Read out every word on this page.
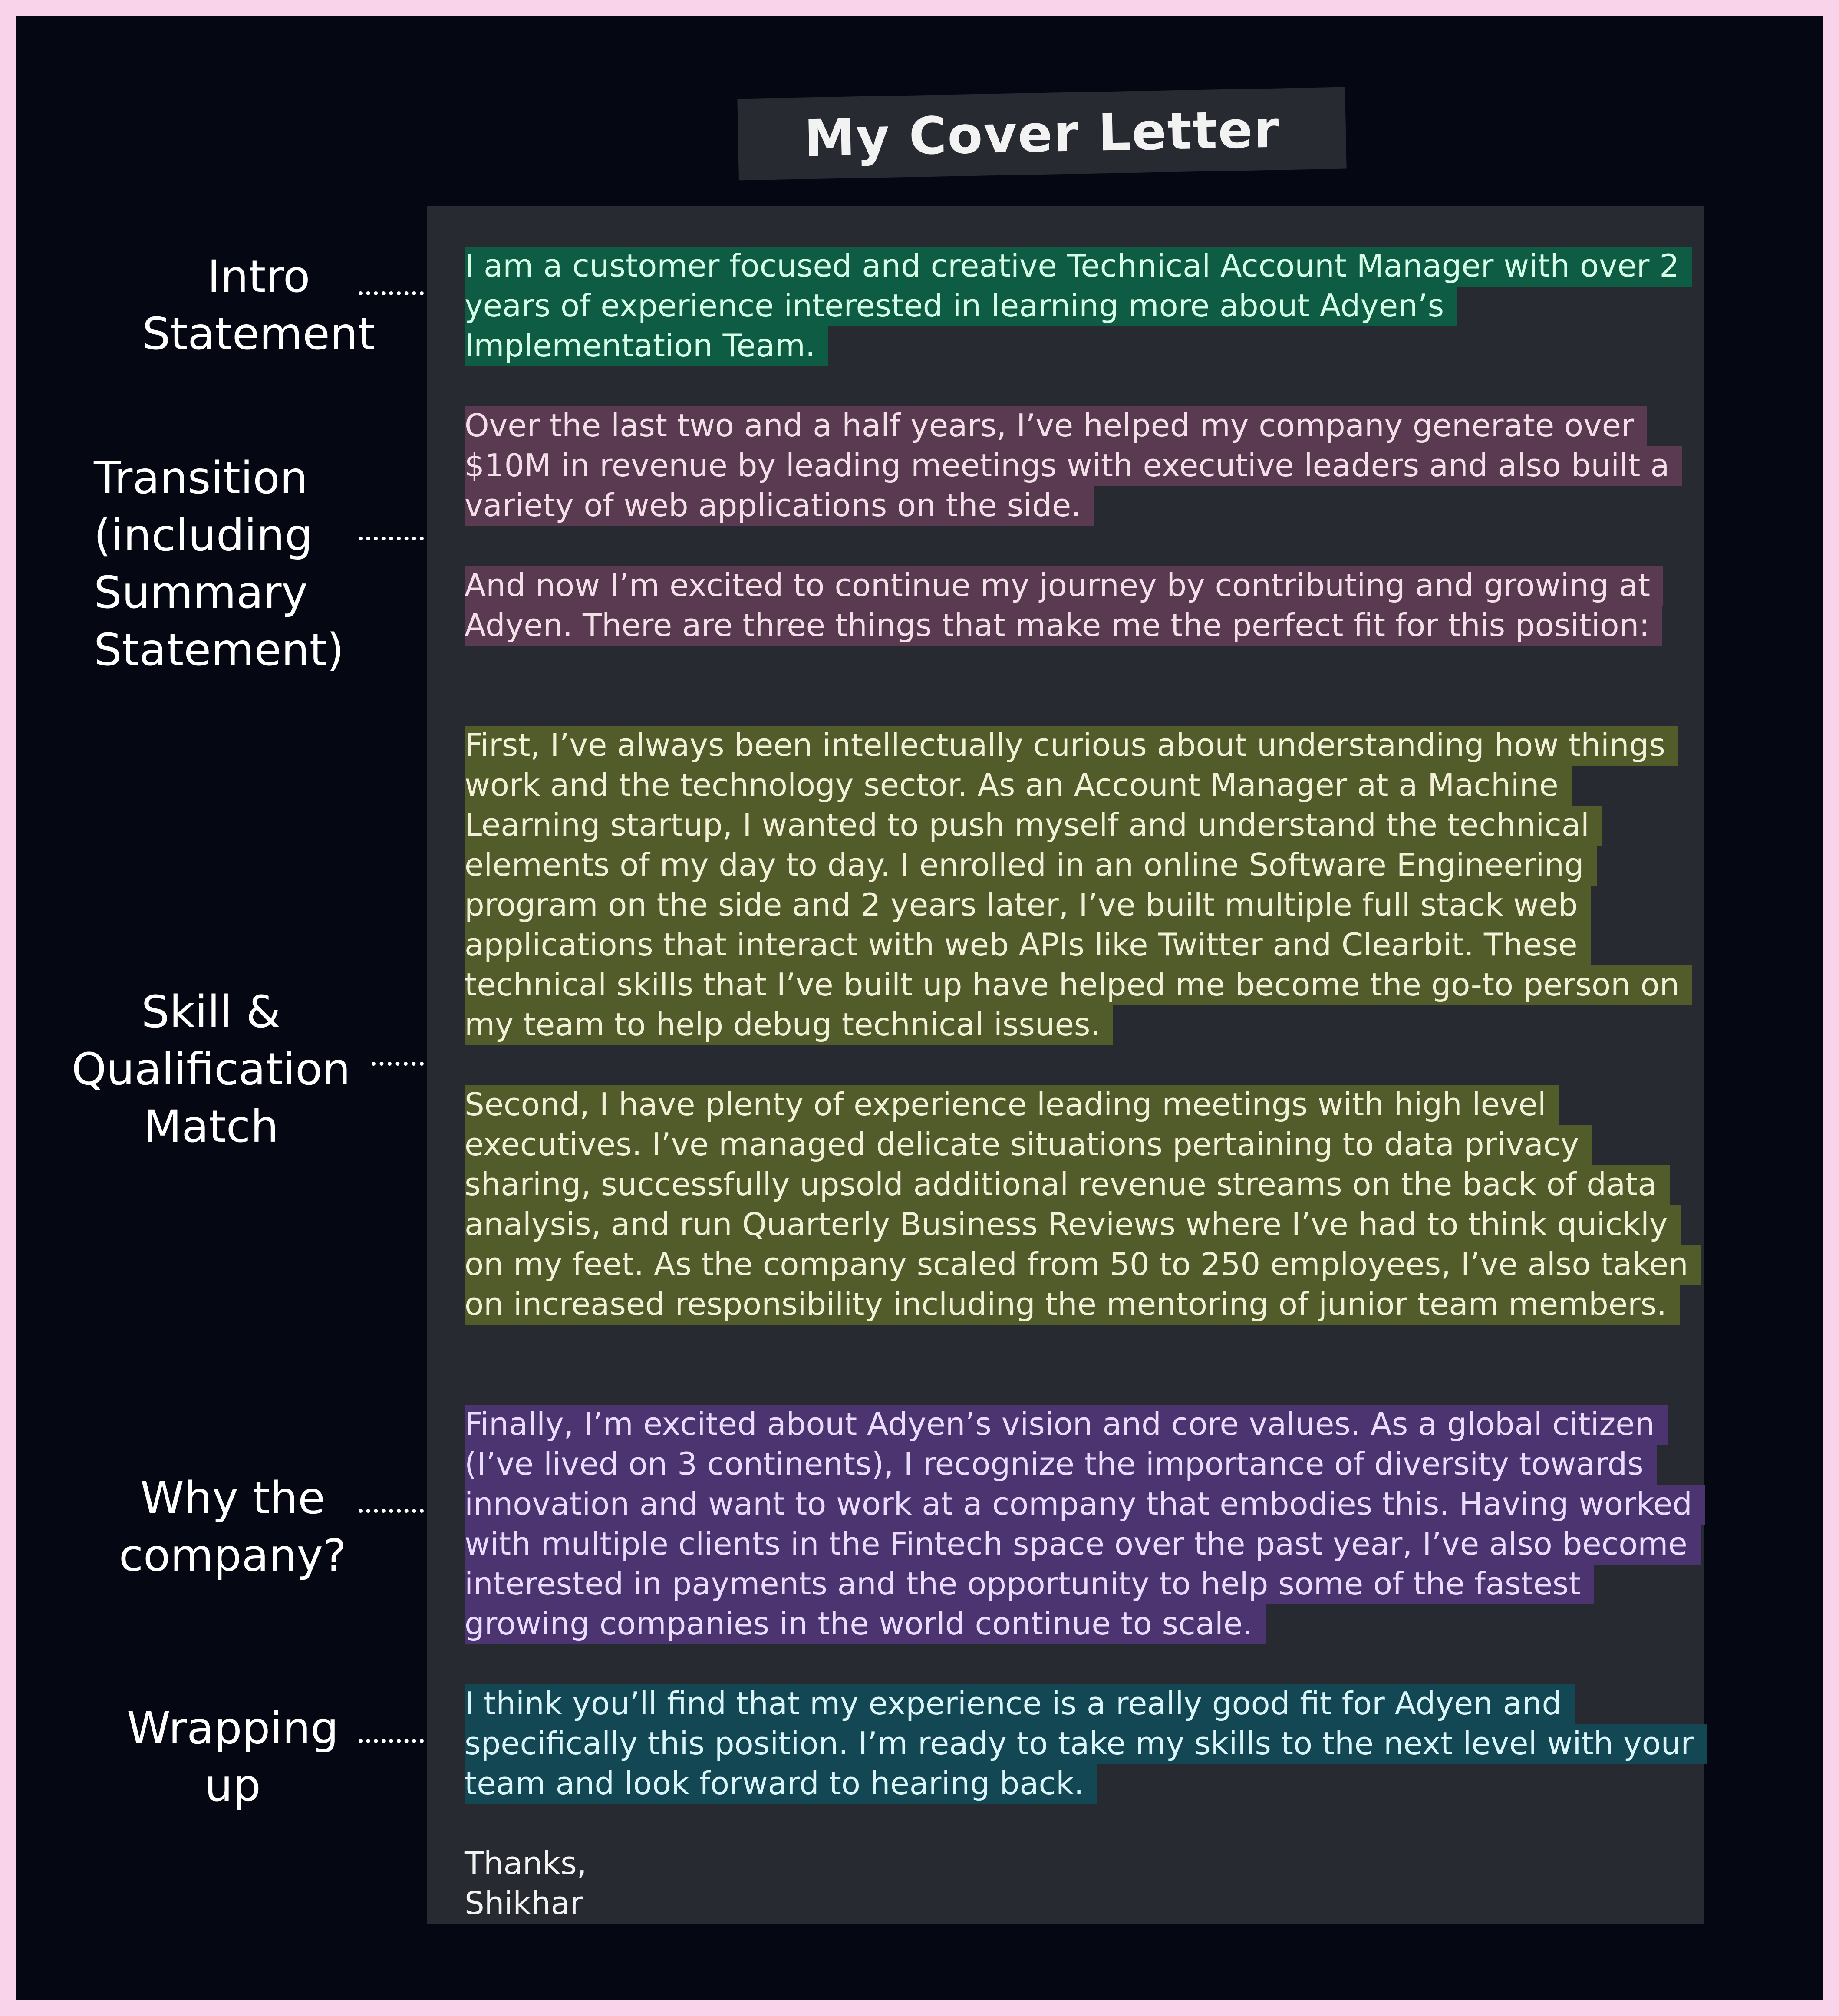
My Cover Letter
Intro
Statement
Transition
(including
Summary
Statement)
Skill &
Qualification
Match
Why the
company?
Wrapping
up

I am a customer focused and creative Technical Account Manager with over 2 years of experience interested in learning more about Adyen’s Implementation Team.

Over the last two and a half years, I’ve helped my company generate over $10M in revenue by leading meetings with executive leaders and also built a variety of web applications on the side.

And now I’m excited to continue my journey by contributing and growing at Adyen. There are three things that make me the perfect fit for this position:

First, I’ve always been intellectually curious about understanding how things work and the technology sector. As an Account Manager at a Machine Learning startup, I wanted to push myself and understand the technical elements of my day to day. I enrolled in an online Software Engineering program on the side and 2 years later, I’ve built multiple full stack web applications that interact with web APIs like Twitter and Clearbit. These technical skills that I’ve built up have helped me become the go-to person on my team to help debug technical issues.

Second, I have plenty of experience leading meetings with high level executives. I’ve managed delicate situations pertaining to data privacy sharing, successfully upsold additional revenue streams on the back of data analysis, and run Quarterly Business Reviews where I’ve had to think quickly on my feet. As the company scaled from 50 to 250 employees, I’ve also taken on increased responsibility including the mentoring of junior team members.

Finally, I’m excited about Adyen’s vision and core values. As a global citizen (I’ve lived on 3 continents), I recognize the importance of diversity towards innovation and want to work at a company that embodies this. Having worked with multiple clients in the Fintech space over the past year, I’ve also become interested in payments and the opportunity to help some of the fastest growing companies in the world continue to scale.

I think you’ll find that my experience is a really good fit for Adyen and specifically this position. I’m ready to take my skills to the next level with your team and look forward to hearing back.

Thanks,
Shikhar
